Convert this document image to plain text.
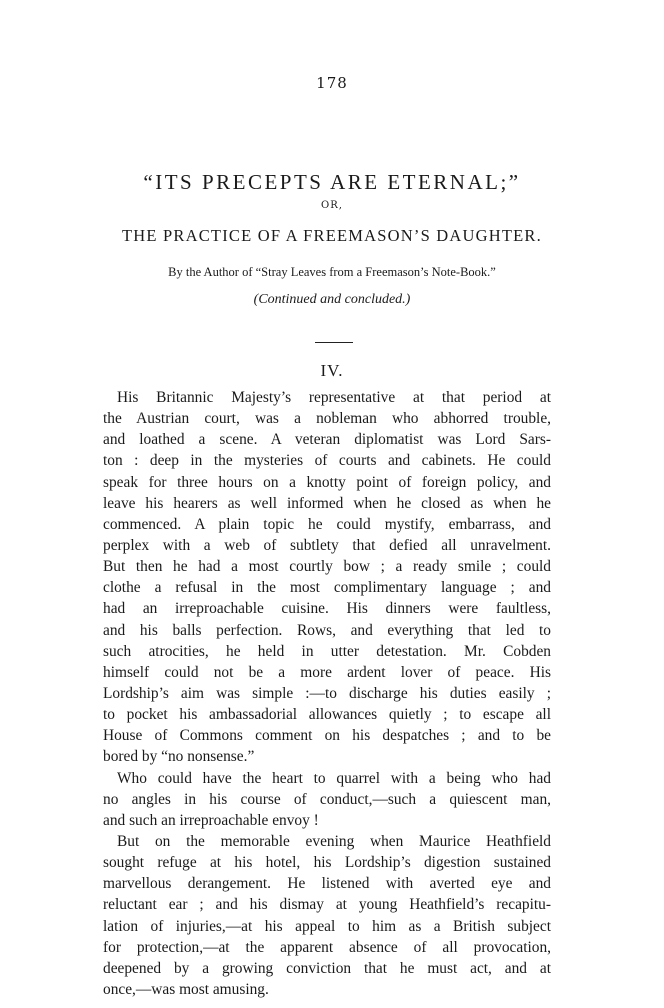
178
“ITS PRECEPTS ARE ETERNAL;”
OR,
THE PRACTICE OF A FREEMASON’S DAUGHTER.
By the Author of “Stray Leaves from a Freemason’s Note-Book.”
(Continued and concluded.)
IV.
His Britannic Majesty’s representative at that period at
the Austrian court, was a nobleman who abhorred trouble,
and loathed a scene. A veteran diplomatist was Lord Sars-
ton : deep in the mysteries of courts and cabinets. He could
speak for three hours on a knotty point of foreign policy, and
leave his hearers as well informed when he closed as when he
commenced. A plain topic he could mystify, embarrass, and
perplex with a web of subtlety that defied all unravelment.
But then he had a most courtly bow ; a ready smile ; could
clothe a refusal in the most complimentary language ; and
had an irreproachable cuisine. His dinners were faultless,
and his balls perfection. Rows, and everything that led to
such atrocities, he held in utter detestation. Mr. Cobden
himself could not be a more ardent lover of peace. His
Lordship’s aim was simple :—to discharge his duties easily ;
to pocket his ambassadorial allowances quietly ; to escape all
House of Commons comment on his despatches ; and to be
bored by “no nonsense.”
Who could have the heart to quarrel with a being who had
no angles in his course of conduct,—such a quiescent man,
and such an irreproachable envoy !
But on the memorable evening when Maurice Heathfield
sought refuge at his hotel, his Lordship’s digestion sustained
marvellous derangement. He listened with averted eye and
reluctant ear ; and his dismay at young Heathfield’s recapitu-
lation of injuries,—at his appeal to him as a British subject
for protection,—at the apparent absence of all provocation,
deepened by a growing conviction that he must act, and at
once,—was most amusing.
